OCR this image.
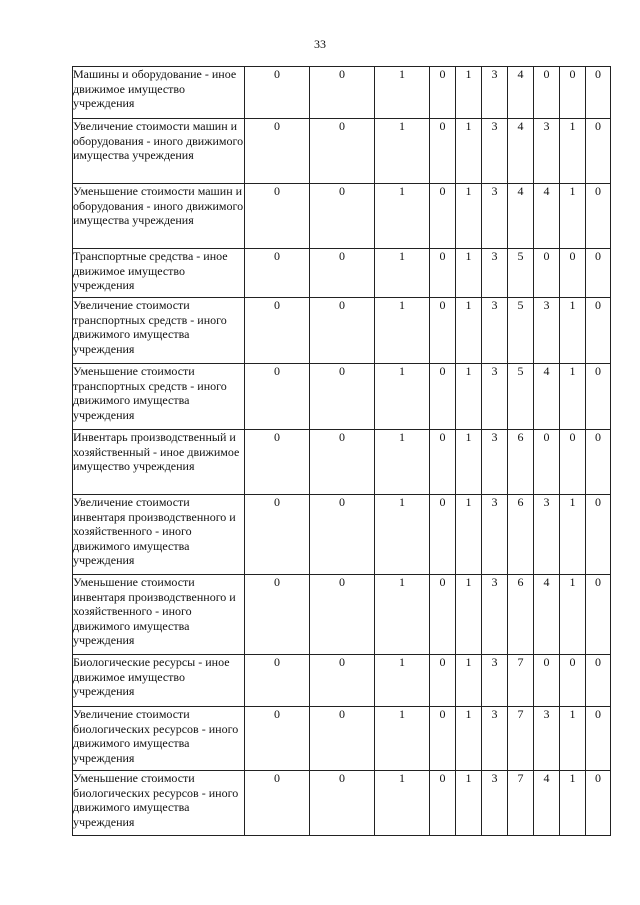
33
Машины и оборудование - иное движимое имущество учреждения	0	0	1	0	1	3	4	0	0	0
Увеличение стоимости машин и оборудования - иного движимого имущества учреждения	0	0	1	0	1	3	4	3	1	0
Уменьшение стоимости машин и оборудования - иного движимого имущества учреждения	0	0	1	0	1	3	4	4	1	0
Транспортные средства - иное движимое имущество учреждения	0	0	1	0	1	3	5	0	0	0
Увеличение стоимости транспортных средств - иного движимого имущества учреждения	0	0	1	0	1	3	5	3	1	0
Уменьшение стоимости транспортных средств - иного движимого имущества учреждения	0	0	1	0	1	3	5	4	1	0
Инвентарь производственный и хозяйственный - иное движимое имущество учреждения	0	0	1	0	1	3	6	0	0	0
Увеличение стоимости инвентаря производственного и хозяйственного - иного движимого имущества учреждения	0	0	1	0	1	3	6	3	1	0
Уменьшение стоимости инвентаря производственного и хозяйственного - иного движимого имущества учреждения	0	0	1	0	1	3	6	4	1	0
Биологические ресурсы - иное движимое имущество учреждения	0	0	1	0	1	3	7	0	0	0
Увеличение стоимости биологических ресурсов - иного движимого имущества учреждения	0	0	1	0	1	3	7	3	1	0
Уменьшение стоимости биологических ресурсов - иного движимого имущества учреждения	0	0	1	0	1	3	7	4	1	0
